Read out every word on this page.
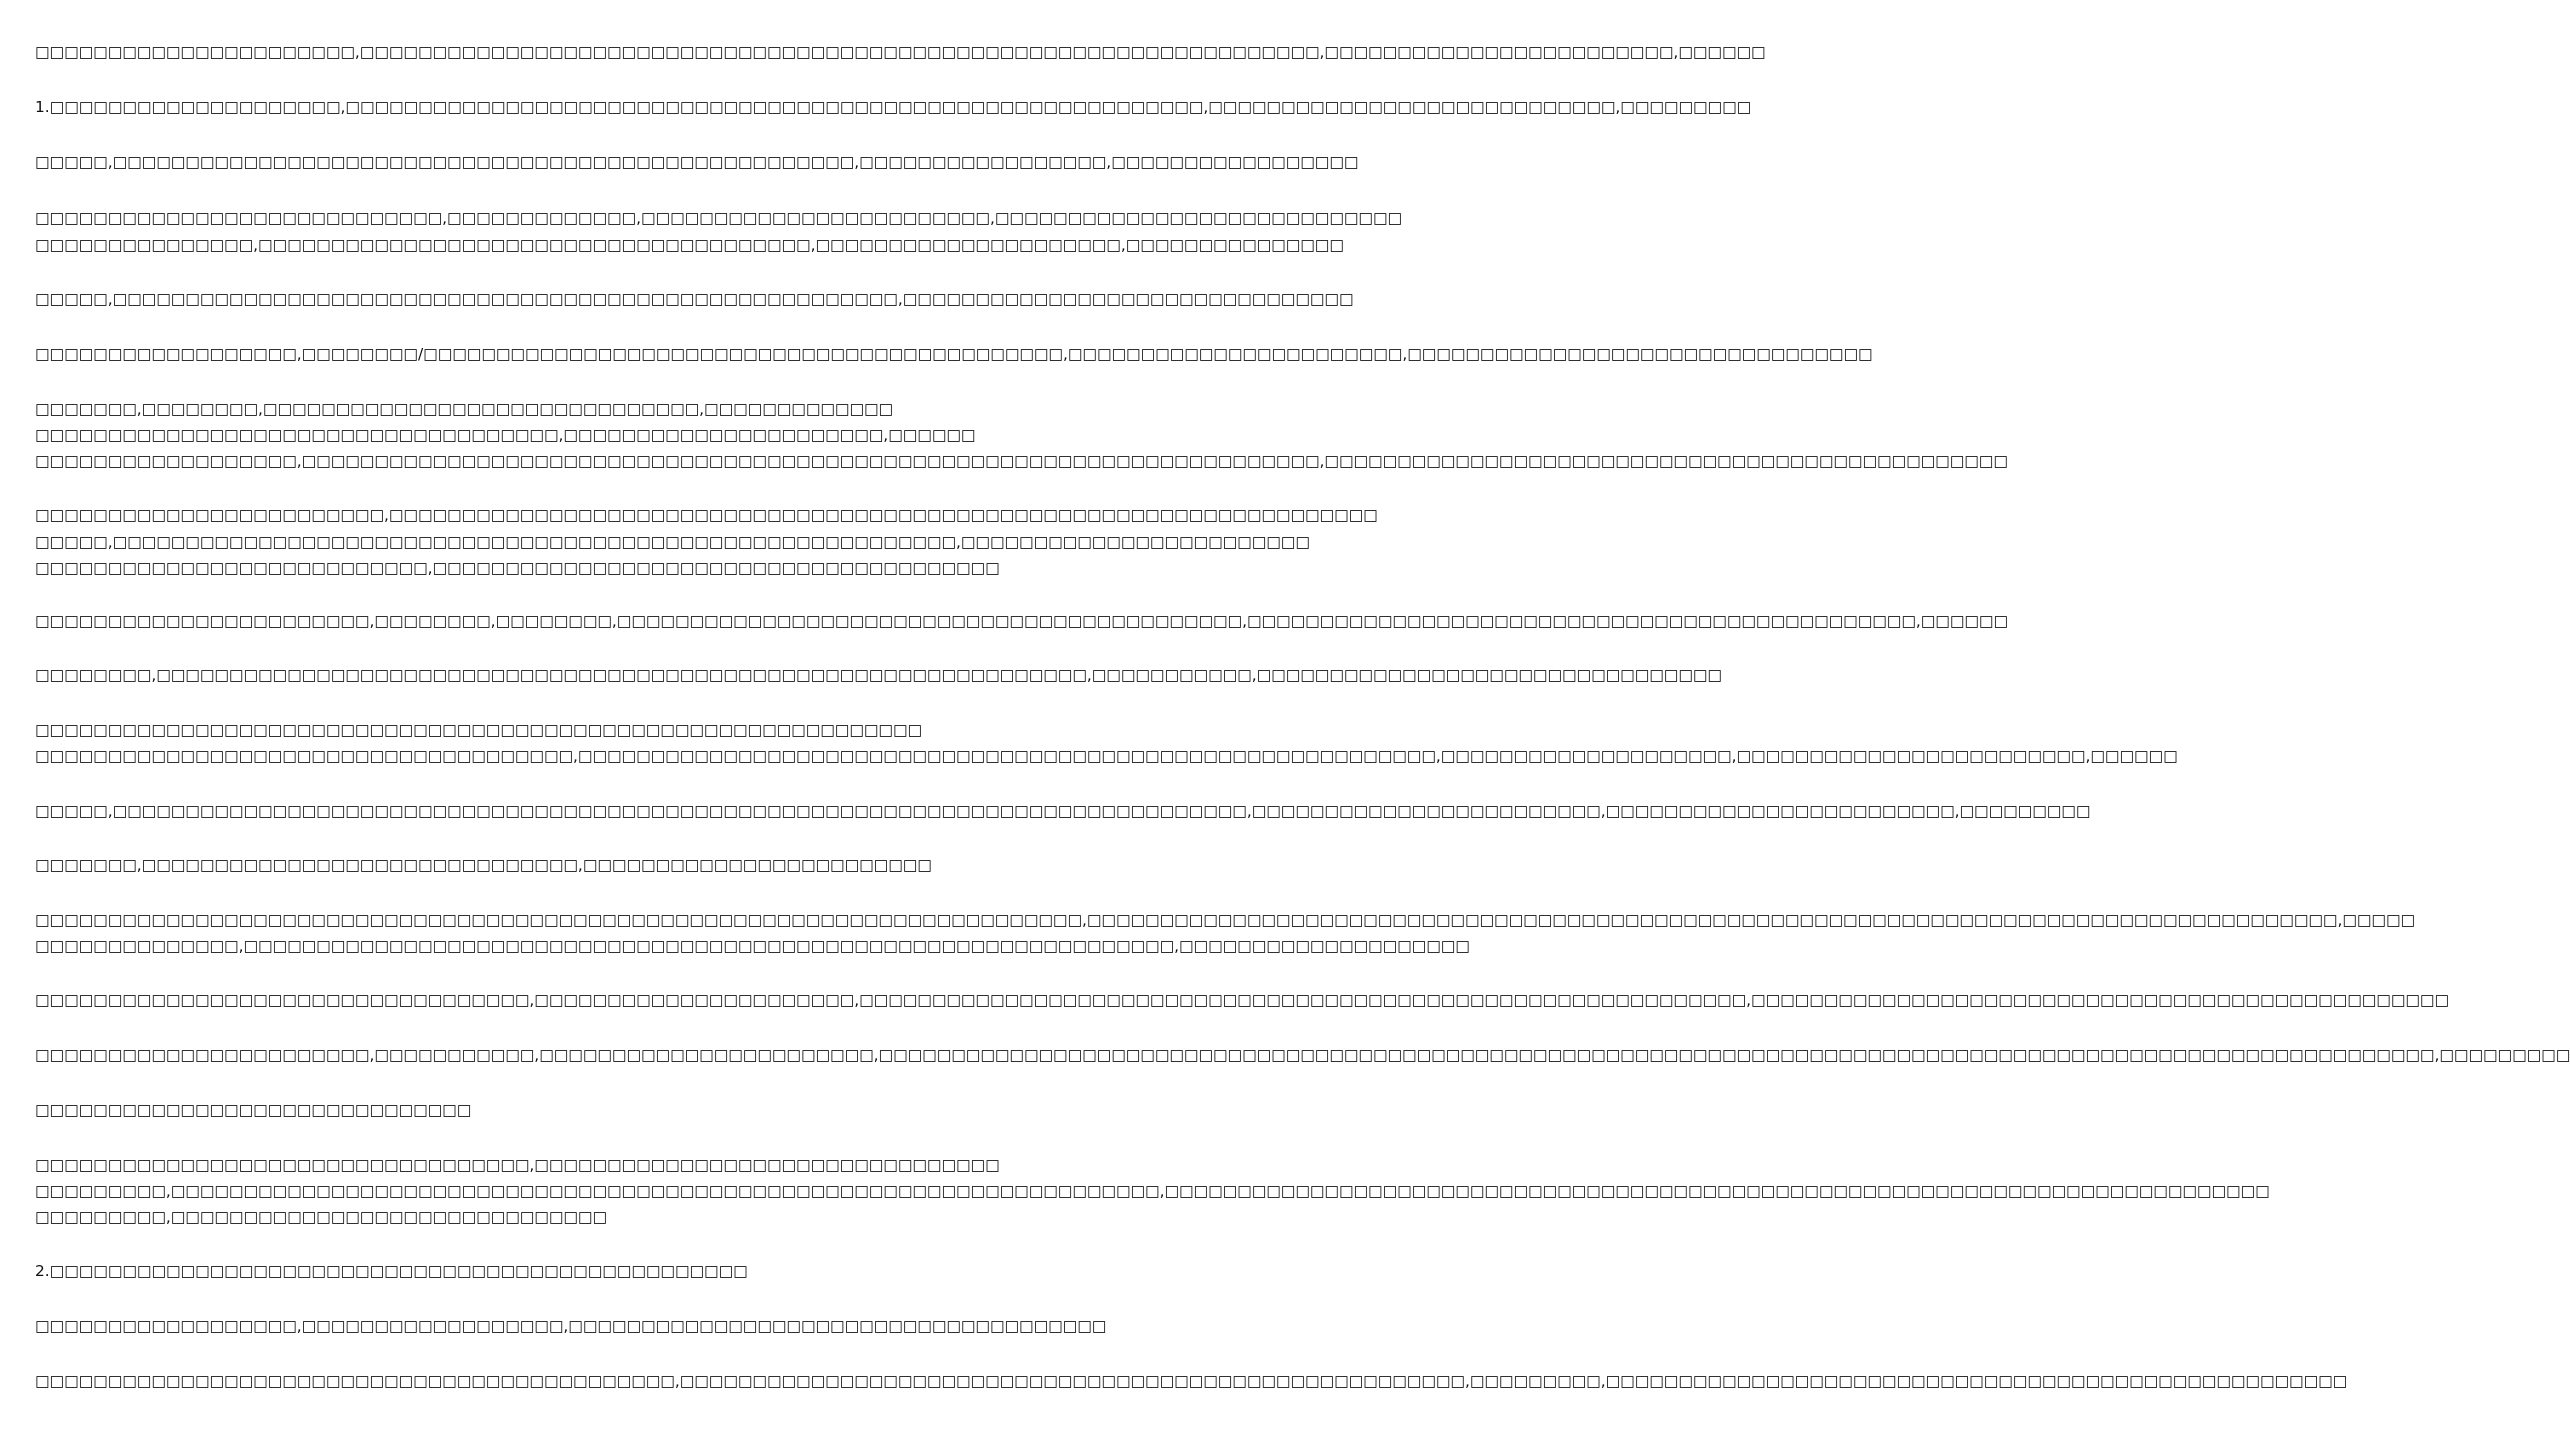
□□□□□□□□□□□□□□□□□□□□□□,□□□□□□□□□□□□□□□□□□□□□□□□□□□□□□□□□□□□□□□□□□□□□□□□□□□□□□□□□□□□□□□□□□,□□□□□□□□□□□□□□□□□□□□□□□□,□□□□□□
1.□□□□□□□□□□□□□□□□□□□□,□□□□□□□□□□□□□□□□□□□□□□□□□□□□□□□□□□□□□□□□□□□□□□□□□□□□□□□□□□□,□□□□□□□□□□□□□□□□□□□□□□□□□□□□,□□□□□□□□□
□□□□□,□□□□□□□□□□□□□□□□□□□□□□□□□□□□□□□□□□□□□□□□□□□□□□□□□□□,□□□□□□□□□□□□□□□□□,□□□□□□□□□□□□□□□□□
□□□□□□□□□□□□□□□□□□□□□□□□□□□□,□□□□□□□□□□□□□,□□□□□□□□□□□□□□□□□□□□□□□□,□□□□□□□□□□□□□□□□□□□□□□□□□□□□
□□□□□□□□□□□□□□□,□□□□□□□□□□□□□□□□□□□□□□□□□□□□□□□□□□□□□□,□□□□□□□□□□□□□□□□□□□□□,□□□□□□□□□□□□□□□
□□□□□,□□□□□□□□□□□□□□□□□□□□□□□□□□□□□□□□□□□□□□□□□□□□□□□□□□□□□□,□□□□□□□□□□□□□□□□□□□□□□□□□□□□□□□
□□□□□□□□□□□□□□□□□□,□□□□□□□□/□□□□□□□□□□□□□□□□□□□□□□□□□□□□□□□□□□□□□□□□□□□□,□□□□□□□□□□□□□□□□□□□□□□□,□□□□□□□□□□□□□□□□□□□□□□□□□□□□□□□□
□□□□□□□,□□□□□□□□,□□□□□□□□□□□□□□□□□□□□□□□□□□□□□□,□□□□□□□□□□□□□
□□□□□□□□□□□□□□□□□□□□□□□□□□□□□□□□□□□□,□□□□□□□□□□□□□□□□□□□□□□,□□□□□□
□□□□□□□□□□□□□□□□□□,□□□□□□□□□□□□□□□□□□□□□□□□□□□□□□□□□□□□□□□□□□□□□□□□□□□□□□□□□□□□□□□□□□□□□□,□□□□□□□□□□□□□□□□□□□□□□□□□□□□□□□□□□□□□□□□□□□□□□□
□□□□□□□□□□□□□□□□□□□□□□□□,□□□□□□□□□□□□□□□□□□□□□□□□□□□□□□□□□□□□□□□□□□□□□□□□□□□□□□□□□□□□□□□□□□□□
□□□□□,□□□□□□□□□□□□□□□□□□□□□□□□□□□□□□□□□□□□□□□□□□□□□□□□□□□□□□□□□□,□□□□□□□□□□□□□□□□□□□□□□□□
□□□□□□□□□□□□□□□□□□□□□□□□□□□,□□□□□□□□□□□□□□□□□□□□□□□□□□□□□□□□□□□□□□□
□□□□□□□□□□□□□□□□□□□□□□□,□□□□□□□□,□□□□□□□□,□□□□□□□□□□□□□□□□□□□□□□□□□□□□□□□□□□□□□□□□□□□,□□□□□□□□□□□□□□□□□□□□□□□□□□□□□□□□□□□□□□□□□□□□□□,□□□□□□
□□□□□□□□,□□□□□□□□□□□□□□□□□□□□□□□□□□□□□□□□□□□□□□□□□□□□□□□□□□□□□□□□□□□□□□□□,□□□□□□□□□□□,□□□□□□□□□□□□□□□□□□□□□□□□□□□□□□□□
□□□□□□□□□□□□□□□□□□□□□□□□□□□□□□□□□□□□□□□□□□□□□□□□□□□□□□□□□□□□□
□□□□□□□□□□□□□□□□□□□□□□□□□□□□□□□□□□□□□,□□□□□□□□□□□□□□□□□□□□□□□□□□□□□□□□□□□□□□□□□□□□□□□□□□□□□□□□□□□,□□□□□□□□□□□□□□□□□□□□,□□□□□□□□□□□□□□□□□□□□□□□□,□□□□□□
□□□□□,□□□□□□□□□□□□□□□□□□□□□□□□□□□□□□□□□□□□□□□□□□□□□□□□□□□□□□□□□□□□□□□□□□□□□□□□□□□□□□,□□□□□□□□□□□□□□□□□□□□□□□□,□□□□□□□□□□□□□□□□□□□□□□□□,□□□□□□□□□
□□□□□□□,□□□□□□□□□□□□□□□□□□□□□□□□□□□□□□,□□□□□□□□□□□□□□□□□□□□□□□□
□□□□□□□□□□□□□□□□□□□□□□□□□□□□□□□□□□□□□□□□□□□□□□□□□□□□□□□□□□□□□□□□□□□□□□□□,□□□□□□□□□□□□□□□□□□□□□□□□□□□□□□□□□□□□□□□□□□□□□□□□□□□□□□□□□□□□□□□□□□□□□□□□□□□□□□□□□□□□□□,□□□□□
□□□□□□□□□□□□□□,□□□□□□□□□□□□□□□□□□□□□□□□□□□□□□□□□□□□□□□□□□□□□□□□□□□□□□□□□□□□□□□□,□□□□□□□□□□□□□□□□□□□□
□□□□□□□□□□□□□□□□□□□□□□□□□□□□□□□□□□,□□□□□□□□□□□□□□□□□□□□□□,□□□□□□□□□□□□□□□□□□□□□□□□□□□□□□□□□□□□□□□□□□□□□□□□□□□□□□□□□□□□□,□□□□□□□□□□□□□□□□□□□□□□□□□□□□□□□□□□□□□□□□□□□□□□□□
□□□□□□□□□□□□□□□□□□□□□□□,□□□□□□□□□□□,□□□□□□□□□□□□□□□□□□□□□□□,□□□□□□□□□□□□□□□□□□□□□□□□□□□□□□□□□□□□□□□□□□□□□□□□□□□□□□□□□□□□□□□□□□□□□□□□□□□□□□□□□□□□□□□□□□□□□□□□□□□□□□□□□□□,□□□□□□□□□
□□□□□□□□□□□□□□□□□□□□□□□□□□□□□□
□□□□□□□□□□□□□□□□□□□□□□□□□□□□□□□□□□,□□□□□□□□□□□□□□□□□□□□□□□□□□□□□□□□
□□□□□□□□□,□□□□□□□□□□□□□□□□□□□□□□□□□□□□□□□□□□□□□□□□□□□□□□□□□□□□□□□□□□□□□□□□□□□□,□□□□□□□□□□□□□□□□□□□□□□□□□□□□□□□□□□□□□□□□□□□□□□□□□□□□□□□□□□□□□□□□□□□□□□□□□□□□
□□□□□□□□□,□□□□□□□□□□□□□□□□□□□□□□□□□□□□□□
2.□□□□□□□□□□□□□□□□□□□□□□□□□□□□□□□□□□□□□□□□□□□□□□□□
□□□□□□□□□□□□□□□□□□,□□□□□□□□□□□□□□□□□□,□□□□□□□□□□□□□□□□□□□□□□□□□□□□□□□□□□□□□
□□□□□□□□□□□□□□□□□□□□□□□□□□□□□□□□□□□□□□□□□□□□,□□□□□□□□□□□□□□□□□□□□□□□□□□□□□□□□□□□□□□□□□□□□□□□□□□□□□□,□□□□□□□□□,□□□□□□□□□□□□□□□□□□□□□□□□□□□□□□□□□□□□□□□□□□□□□□□□□□□
